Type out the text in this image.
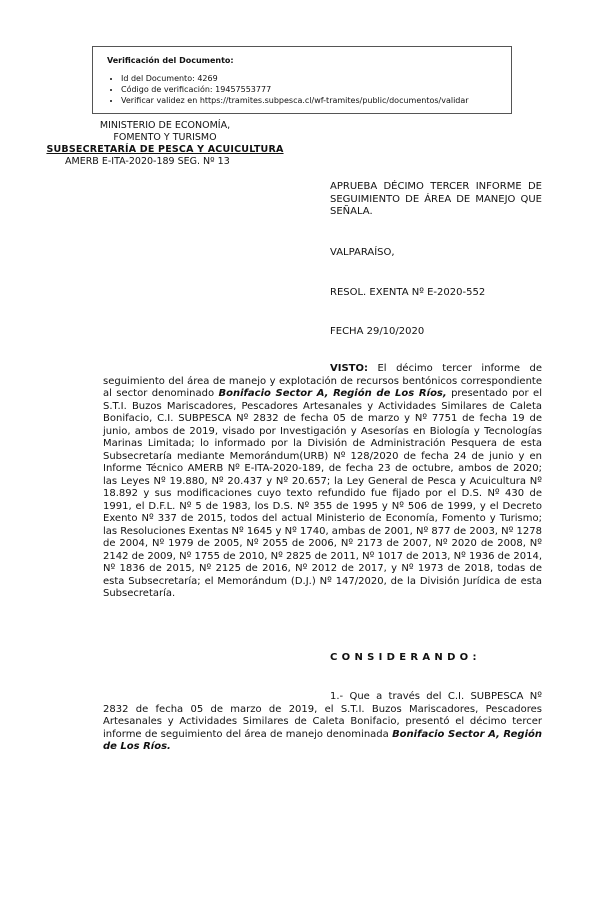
Verificación del Documento:
• Id del Documento: 4269
• Código de verificación: 19457553777
• Verificar validez en https://tramites.subpesca.cl/wf-tramites/public/documentos/validar
MINISTERIO DE ECONOMÍA,
FOMENTO Y TURISMO
SUBSECRETARÍA DE PESCA Y ACUICULTURA
AMERB E-ITA-2020-189 SEG. Nº 13
APRUEBA DÉCIMO TERCER INFORME DE SEGUIMIENTO DE ÁREA DE MANEJO QUE SEÑALA.
VALPARAÍSO,
RESOL. EXENTA Nº E-2020-552
FECHA 29/10/2020
VISTO: El décimo tercer informe de seguimiento del área de manejo y explotación de recursos bentónicos correspondiente al sector denominado Bonifacio Sector A, Región de Los Ríos, presentado por el S.T.I. Buzos Mariscadores, Pescadores Artesanales y Actividades Similares de Caleta Bonifacio, C.I. SUBPESCA Nº 2832 de fecha 05 de marzo y Nº 7751 de fecha 19 de junio, ambos de 2019, visado por Investigación y Asesorías en Biología y Tecnologías Marinas Limitada; lo informado por la División de Administración Pesquera de esta Subsecretaría mediante Memorándum(URB) Nº 128/2020 de fecha 24 de junio y en Informe Técnico AMERB Nº E-ITA-2020-189, de fecha 23 de octubre, ambos de 2020; las Leyes Nº 19.880, Nº 20.437 y Nº 20.657; la Ley General de Pesca y Acuicultura Nº 18.892 y sus modificaciones cuyo texto refundido fue fijado por el D.S. Nº 430 de 1991, el D.F.L. Nº 5 de 1983, los D.S. Nº 355 de 1995 y Nº 506 de 1999, y el Decreto Exento Nº 337 de 2015, todos del actual Ministerio de Economía, Fomento y Turismo; las Resoluciones Exentas Nº 1645 y Nº 1740, ambas de 2001, Nº 877 de 2003, Nº 1278 de 2004, Nº 1979 de 2005, Nº 2055 de 2006, Nº 2173 de 2007, Nº 2020 de 2008, Nº 2142 de 2009, Nº 1755 de 2010, Nº 2825 de 2011, Nº 1017 de 2013, Nº 1936 de 2014, Nº 1836 de 2015, Nº 2125 de 2016, Nº 2012 de 2017, y Nº 1973 de 2018, todas de esta Subsecretaría; el Memorándum (D.J.) Nº 147/2020, de la División Jurídica de esta Subsecretaría.
CONSIDERANDO:
1.- Que a través del C.I. SUBPESCA Nº 2832 de fecha 05 de marzo de 2019, el S.T.I. Buzos Mariscadores, Pescadores Artesanales y Actividades Similares de Caleta Bonifacio, presentó el décimo tercer informe de seguimiento del área de manejo denominada Bonifacio Sector A, Región de Los Ríos.
